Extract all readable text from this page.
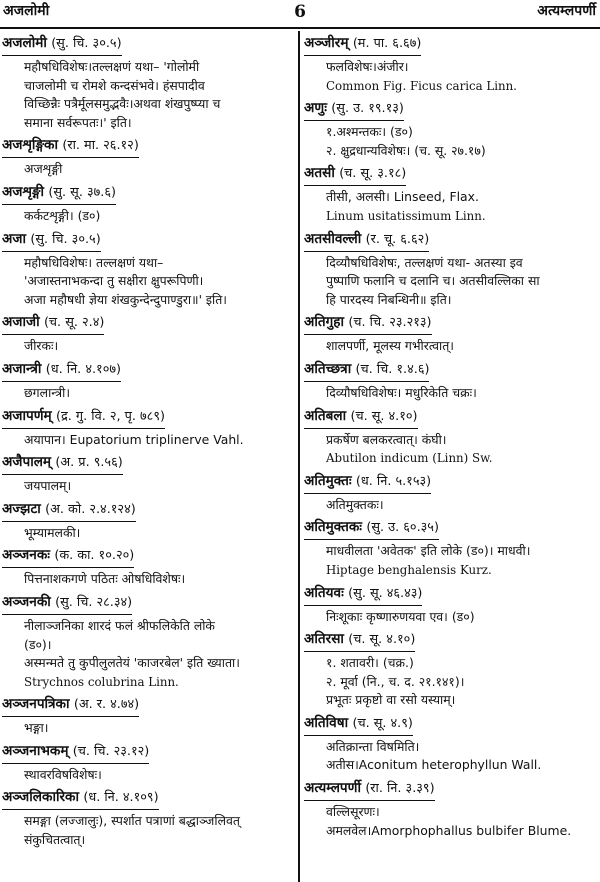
अजलोमी	6	अत्यम्लपर्णी
अजलोमी (सु. चि. ३०.५)
महौषधिविशेषः।तल्लक्षणं यथा– 'गोलोमी
चाजलोमी च रोमशे कन्दसंभवे। हंसपादीव
विच्छिन्नैः पत्रैर्मूलसमुद्भवैः।अथवा शंखपुष्प्या च
समाना सर्वरूपतः।' इति।
अजशृङ्गिका (रा. मा. २६.१२)
अजशृङ्गी
अजशृङ्गी (सु. सू. ३७.६)
कर्कटशृङ्गी। (ड०)
अजा (सु. चि. ३०.५)
महौषधिविशेषः। तल्लक्षणं यथा–
'अजास्तनाभकन्दा तु सक्षीरा क्षुपरूपिणी।
अजा महौषधी ज्ञेया शंखकुन्देन्दुपाण्डुरा॥' इति।
अजाजी (च. सू. २.४)
जीरकः।
अजान्त्री (ध. नि. ४.१०७)
छगलान्त्री।
अजापर्णम् (द्र. गु. वि. २, पृ. ७८९)
अयापान। Eupatorium triplinerve Vahl.
अजैपालम् (अ. प्र. ९.५६)
जयपालम्।
अज्झटा (अ. को. २.४.१२४)
भूम्यामलकी।
अञ्जनकः (क. का. १०.२०)
पित्तनाशकगणे पठितः ओषधिविशेषः।
अञ्जनकी (सु. चि. २८.३४)
नीलाञ्जनिका शारदं फलं श्रीफलिकेति लोके
(ड०)।
अस्मन्मते तु कुपीलुलतेयं 'काजरबेल' इति ख्याता।
Strychnos colubrina Linn.
अञ्जनपत्रिका (अ. र. ४.७४)
भङ्गा।
अञ्जनाभकम् (च. चि. २३.१२)
स्थावरविषविशेषः।
अञ्जलिकारिका (ध. नि. ४.१०९)
समङ्गा (लज्जालुः), स्पर्शात पत्राणां बद्धाञ्जलिवत्
संकुचितत्वात्।
अञ्जीरम् (म. पा. ६.६७)
फलविशेषः।अंजीर।
Common Fig. Ficus carica Linn.
अणुः (सु. उ. १९.१३)
१.अश्मन्तकः। (ड०)
२. क्षुद्रधान्यविशेषः। (च. सू. २७.१७)
अतसी (च. सू. ३.१८)
तीसी, अलसी। Linseed, Flax.
Linum usitatissimum Linn.
अतसीवल्ली (र. चू. ६.६२)
दिव्यौषधिविशेषः, तल्लक्षणं यथा- अतस्या इव
पुष्पाणि फलानि च दलानि च। अतसीवल्लिका सा
हि पारदस्य निबन्धिनी॥ इति।
अतिगुहा (च. चि. २३.२१३)
शालपर्णी, मूलस्य गभीरत्वात्।
अतिच्छत्रा (च. चि. १.४.६)
दिव्यौषधिविशेषः। मधुरिकेति चक्रः।
अतिबला (च. सू. ४.१०)
प्रकर्षेण बलकरत्वात्। कंघी।
Abutilon indicum (Linn) Sw.
अतिमुक्तः (ध. नि. ५.१५३)
अतिमुक्तकः।
अतिमुक्तकः (सु. उ. ६०.३५)
माधवीलता 'अवेतक' इति लोके (ड०)। माधवी।
Hiptage benghalensis Kurz.
अतियवः (सु. सू. ४६.४३)
निःशूकाः कृष्णारुणयवा एव। (ड०)
अतिरसा (च. सू. ४.१०)
१. शतावरी। (चक्र.)
२. मूर्वा (नि., च. द. २१.१४१)।
प्रभूतः प्रकृष्टो वा रसो यस्याम्।
अतिविषा (च. सू. ४.९)
अतिक्रान्ता विषमिति।
अतीस।Aconitum heterophyllun Wall.
अत्यम्लपर्णी (रा. नि. ३.३९)
वल्लिसूरणः।
अमलवेल।Amorphophallus bulbifer Blume.
